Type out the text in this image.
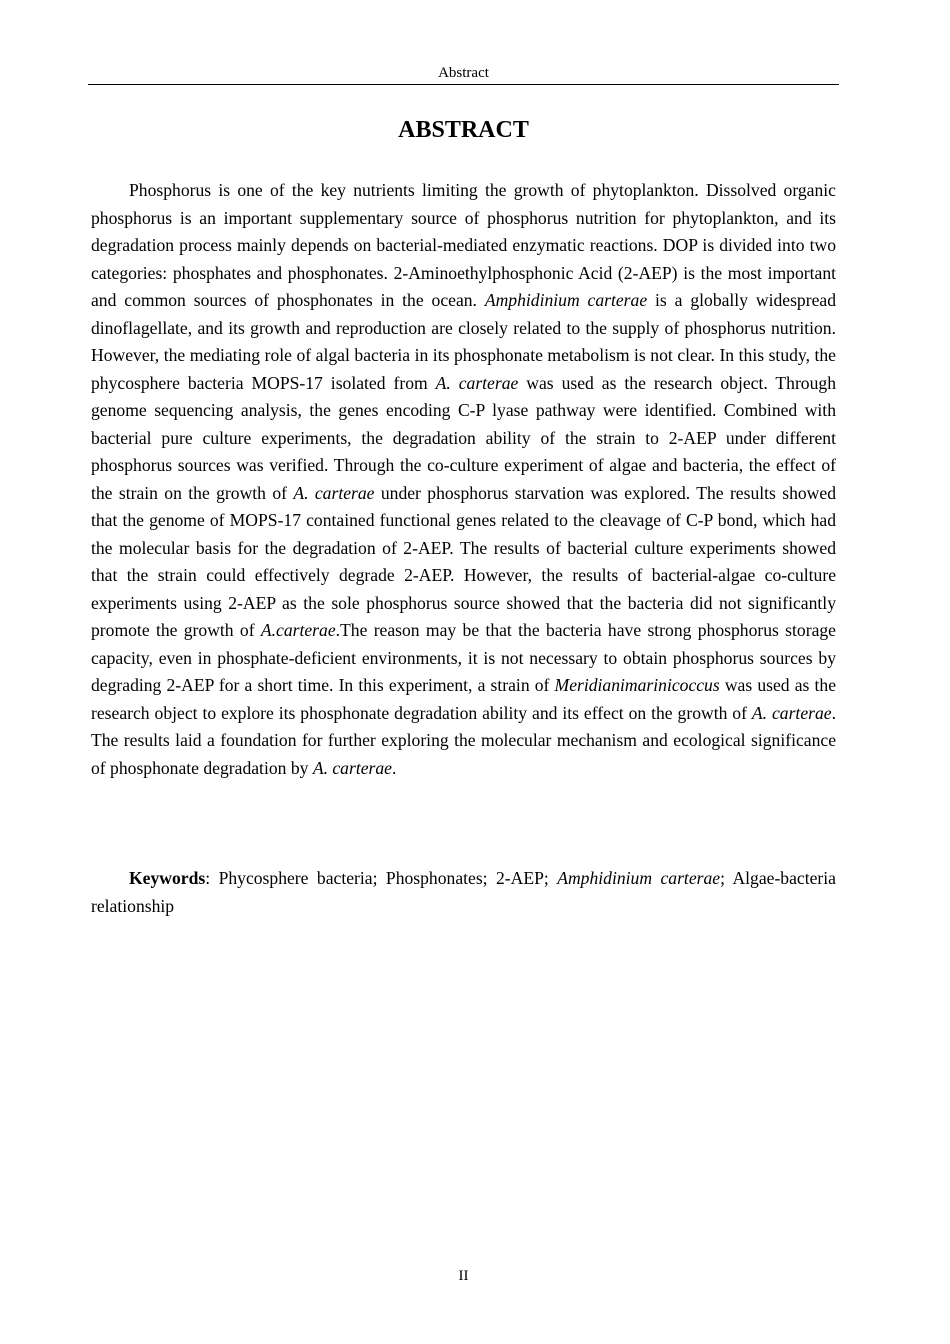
Abstract
ABSTRACT

Phosphorus is one of the key nutrients limiting the growth of phytoplankton. Dissolved organic phosphorus is an important supplementary source of phosphorus nutrition for phytoplankton, and its degradation process mainly depends on bacterial-mediated enzymatic reactions. DOP is divided into two categories: phosphates and phosphonates. 2-Aminoethylphosphonic Acid (2-AEP) is the most important and common sources of phosphonates in the ocean. Amphidinium carterae is a globally widespread dinoflagellate, and its growth and reproduction are closely related to the supply of phosphorus nutrition. However, the mediating role of algal bacteria in its phosphonate metabolism is not clear. In this study, the phycosphere bacteria MOPS-17 isolated from A. carterae was used as the research object. Through genome sequencing analysis, the genes encoding C-P lyase pathway were identified. Combined with bacterial pure culture experiments, the degradation ability of the strain to 2-AEP under different phosphorus sources was verified. Through the co-culture experiment of algae and bacteria, the effect of the strain on the growth of A. carterae under phosphorus starvation was explored. The results showed that the genome of MOPS-17 contained functional genes related to the cleavage of C-P bond, which had the molecular basis for the degradation of 2-AEP. The results of bacterial culture experiments showed that the strain could effectively degrade 2-AEP. However, the results of bacterial-algae co-culture experiments using 2-AEP as the sole phosphorus source showed that the bacteria did not significantly promote the growth of A.carterae.The reason may be that the bacteria have strong phosphorus storage capacity, even in phosphate-deficient environments, it is not necessary to obtain phosphorus sources by degrading 2-AEP for a short time. In this experiment, a strain of Meridianimarinicoccus was used as the research object to explore its phosphonate degradation ability and its effect on the growth of A. carterae. The results laid a foundation for further exploring the molecular mechanism and ecological significance of phosphonate degradation by A. carterae.

Keywords: Phycosphere bacteria; Phosphonates; 2-AEP; Amphidinium carterae; Algae-bacteria relationship

II
